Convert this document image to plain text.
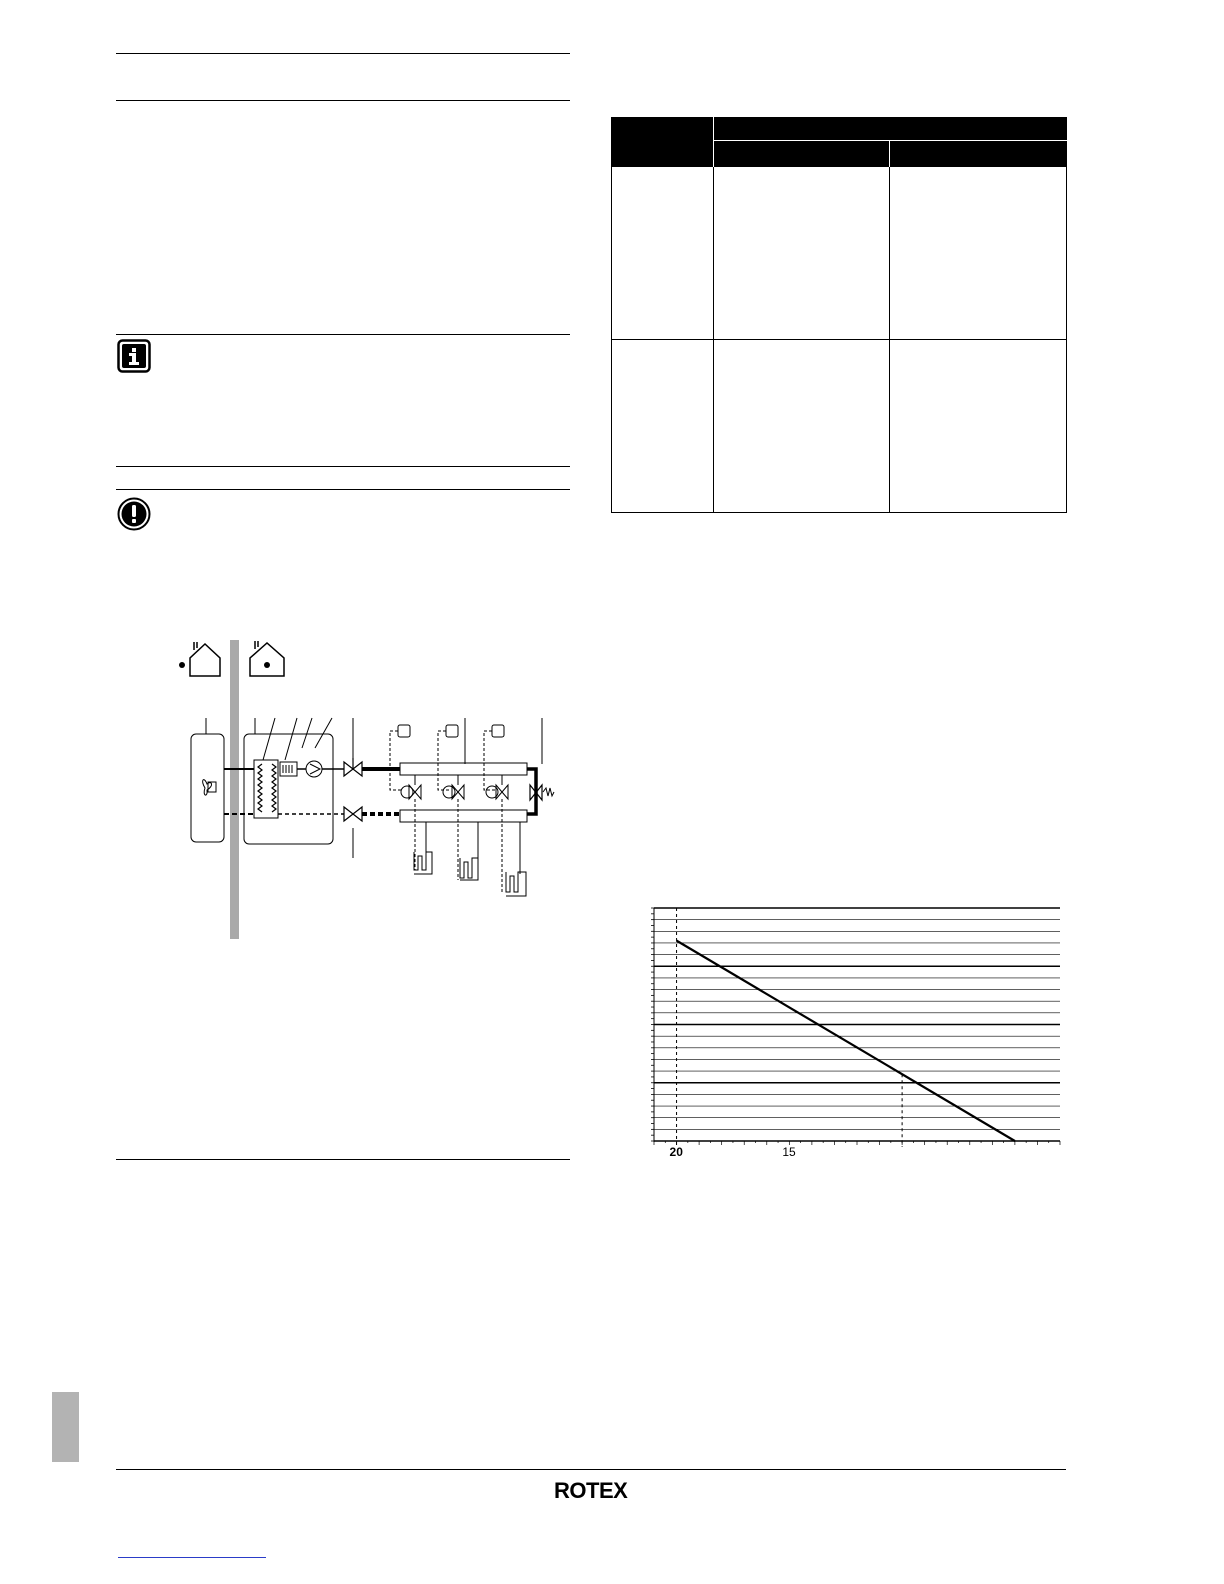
20	15
ROTEX
